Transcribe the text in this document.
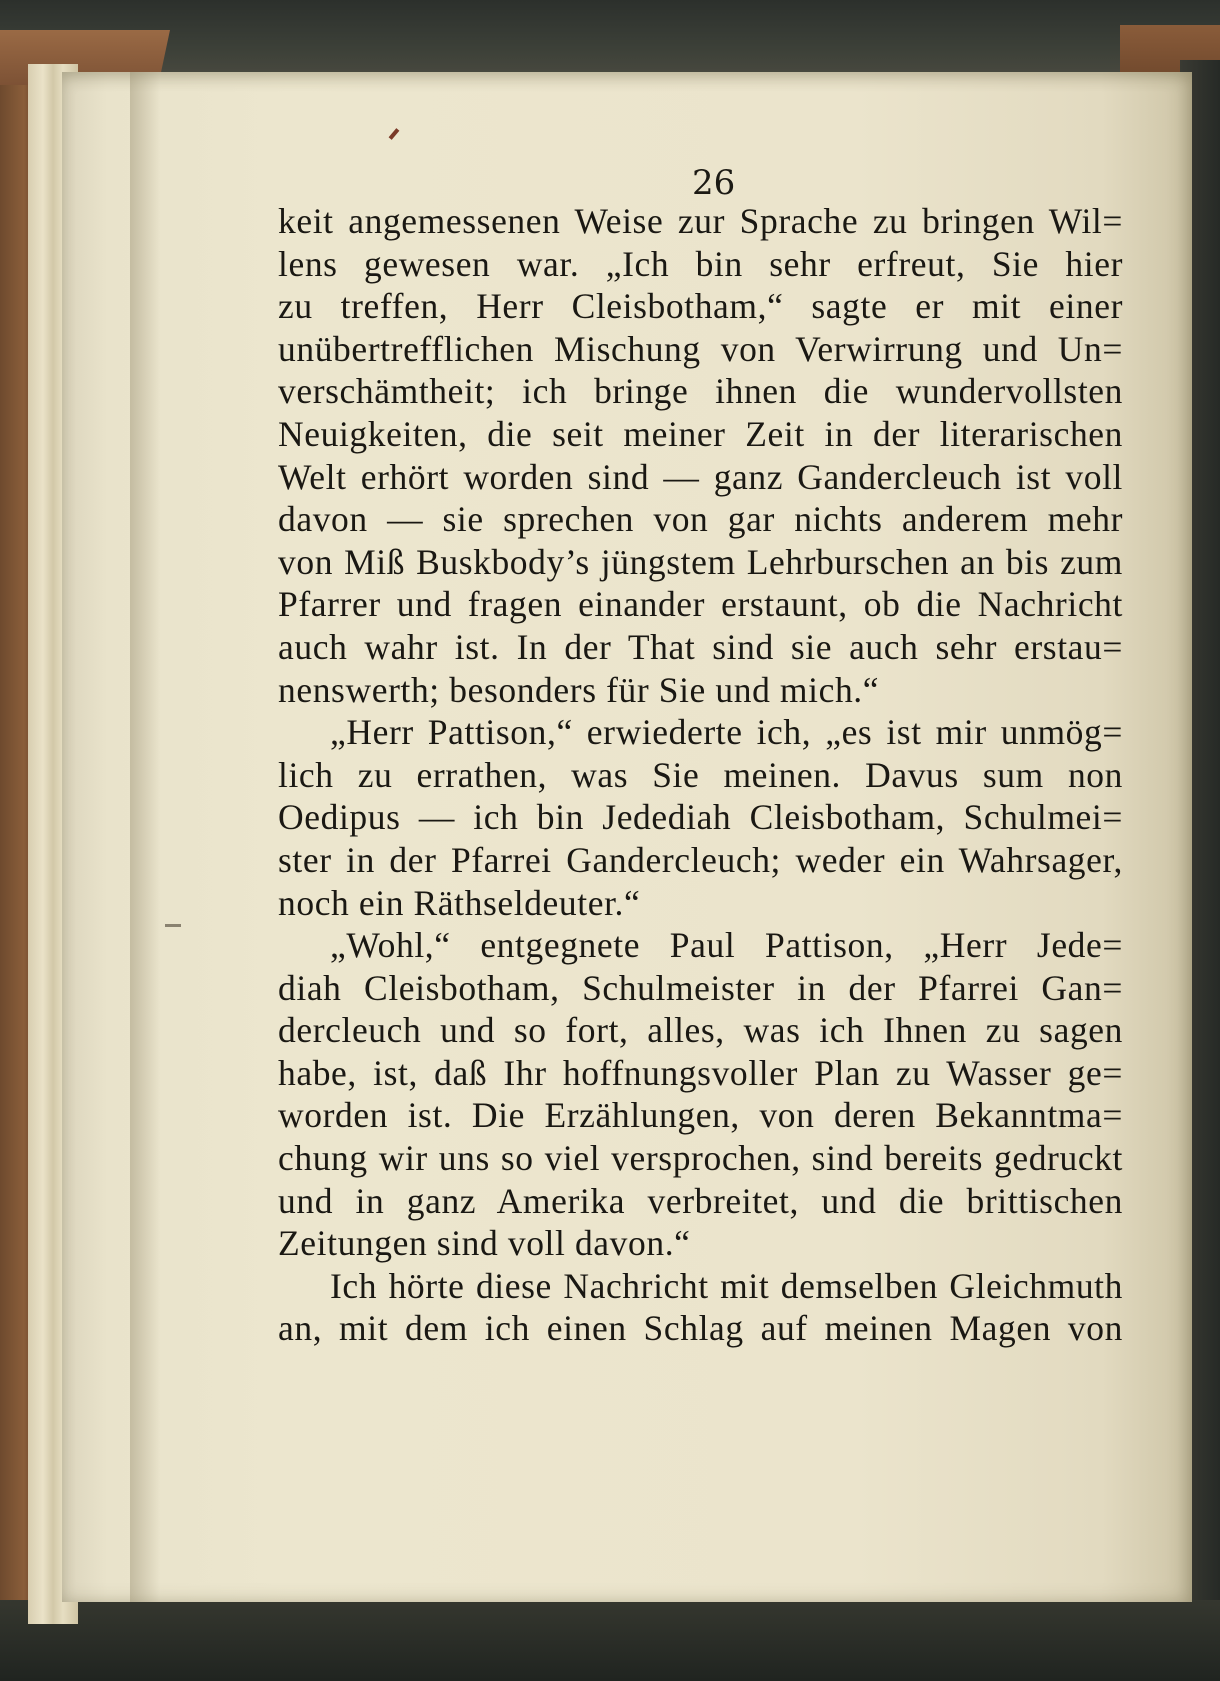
26
keit angemessenen Weise zur Sprache zu bringen Wil=
lens gewesen war. „Ich bin sehr erfreut, Sie hier
zu treffen, Herr Cleisbotham,“ sagte er mit einer
unübertrefflichen Mischung von Verwirrung und Un=
verschämtheit; ich bringe ihnen die wundervollsten
Neuigkeiten, die seit meiner Zeit in der literarischen
Welt erhört worden sind — ganz Gandercleuch ist voll
davon — sie sprechen von gar nichts anderem mehr
von Miß Buskbody’s jüngstem Lehrburschen an bis zum
Pfarrer und fragen einander erstaunt, ob die Nachricht
auch wahr ist. In der That sind sie auch sehr erstau=
nenswerth; besonders für Sie und mich.“
„Herr Pattison,“ erwiederte ich, „es ist mir unmög=
lich zu errathen, was Sie meinen. Davus sum non
Oedipus — ich bin Jedediah Cleisbotham, Schulmei=
ster in der Pfarrei Gandercleuch; weder ein Wahrsager,
noch ein Räthseldeuter.“
„Wohl,“ entgegnete Paul Pattison, „Herr Jede=
diah Cleisbotham, Schulmeister in der Pfarrei Gan=
dercleuch und so fort, alles, was ich Ihnen zu sagen
habe, ist, daß Ihr hoffnungsvoller Plan zu Wasser ge=
worden ist. Die Erzählungen, von deren Bekanntma=
chung wir uns so viel versprochen, sind bereits gedruckt
und in ganz Amerika verbreitet, und die brittischen
Zeitungen sind voll davon.“
Ich hörte diese Nachricht mit demselben Gleichmuth
an, mit dem ich einen Schlag auf meinen Magen von
